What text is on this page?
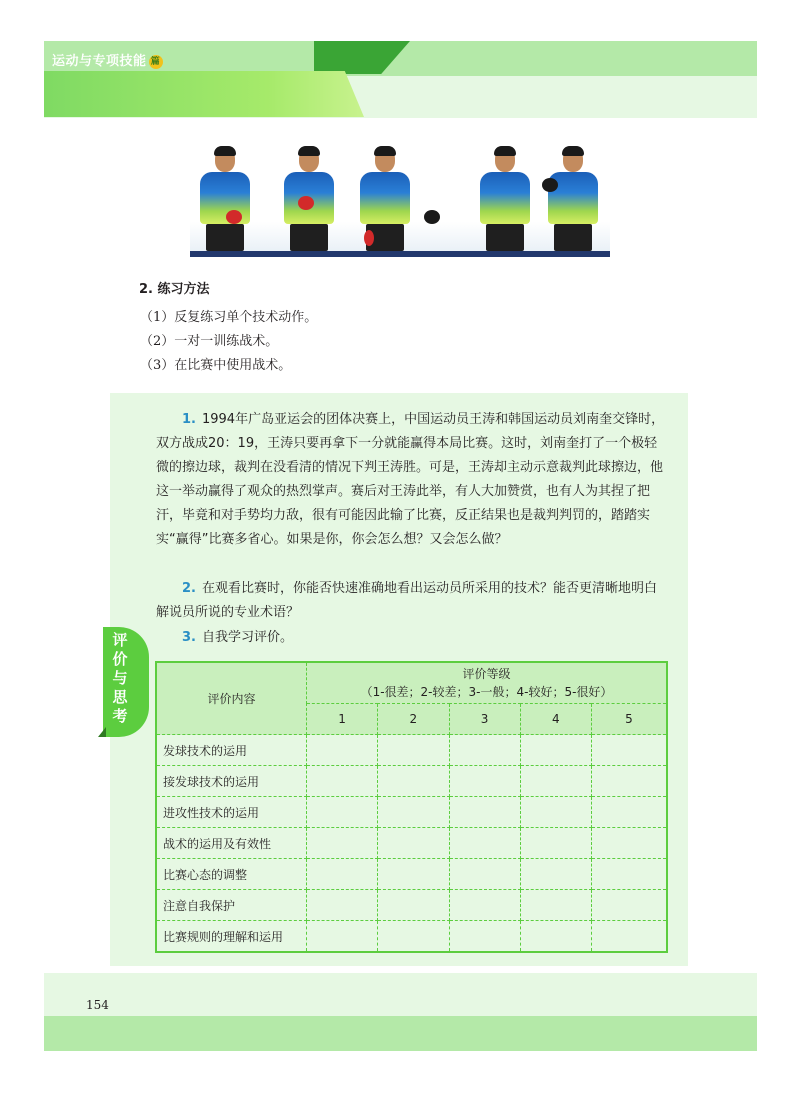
运动与专项技能 篇
2. 练习方法
（1）反复练习单个技术动作。
（2）一对一训练战术。
（3）在比赛中使用战术。

1. 1994年广岛亚运会的团体决赛上，中国运动员王涛和韩国运动员刘南奎交锋时，双方战成20：19，王涛只要再拿下一分就能赢得本局比赛。这时，刘南奎打了一个极轻微的擦边球，裁判在没看清的情况下判王涛胜。可是，王涛却主动示意裁判此球擦边，他这一举动赢得了观众的热烈掌声。赛后对王涛此举，有人大加赞赏，也有人为其捏了把汗，毕竟和对手势均力敌，很有可能因此输了比赛，反正结果也是裁判判罚的，踏踏实实“赢得”比赛多省心。如果是你，你会怎么想？又会怎么做？

2. 在观看比赛时，你能否快速准确地看出运动员所采用的技术？能否更清晰地明白解说员所说的专业术语？

3. 自我学习评价。

评价与思考
评价内容	评价等级
（1-很差；2-较差；3-一般；4-较好；5-很好）				

	1	2	3	4	5
发球技术的运用					
接发球技术的运用					
进攻性技术的运用					
战术的运用及有效性					
比赛心态的调整					
注意自我保护					
比赛规则的理解和运用					
154
